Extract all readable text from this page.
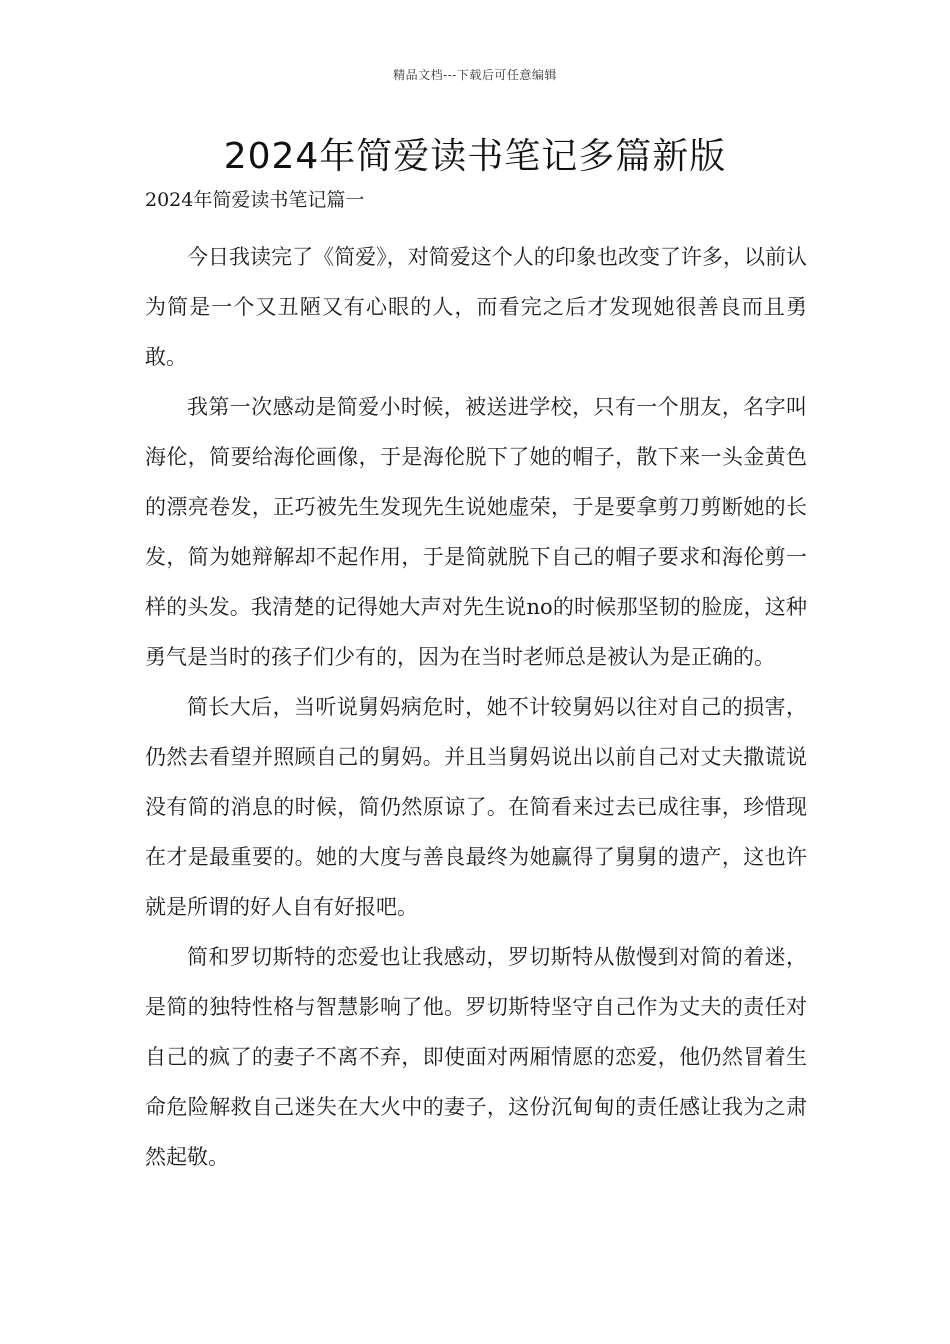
精品文档---下载后可任意编辑
2024年简爱读书笔记多篇新版
2024年简爱读书笔记篇一

今日我读完了《简爱》，对简爱这个人的印象也改变了许多，以前认为简是一个又丑陋又有心眼的人，而看完之后才发现她很善良而且勇敢。

我第一次感动是简爱小时候，被送进学校，只有一个朋友，名字叫海伦，简要给海伦画像，于是海伦脱下了她的帽子，散下来一头金黄色的漂亮卷发，正巧被先生发现先生说她虚荣，于是要拿剪刀剪断她的长发，简为她辩解却不起作用，于是简就脱下自己的帽子要求和海伦剪一样的头发。我清楚的记得她大声对先生说no的时候那坚韧的脸庞，这种勇气是当时的孩子们少有的，因为在当时老师总是被认为是正确的。

简长大后，当听说舅妈病危时，她不计较舅妈以往对自己的损害，仍然去看望并照顾自己的舅妈。并且当舅妈说出以前自己对丈夫撒谎说没有简的消息的时候，简仍然原谅了。在简看来过去已成往事，珍惜现在才是最重要的。她的大度与善良最终为她赢得了舅舅的遗产，这也许就是所谓的好人自有好报吧。

简和罗切斯特的恋爱也让我感动，罗切斯特从傲慢到对简的着迷，是简的独特性格与智慧影响了他。罗切斯特坚守自己作为丈夫的责任对自己的疯了的妻子不离不弃，即使面对两厢情愿的恋爱，他仍然冒着生命危险解救自己迷失在大火中的妻子，这份沉甸甸的责任感让我为之肃然起敬。
